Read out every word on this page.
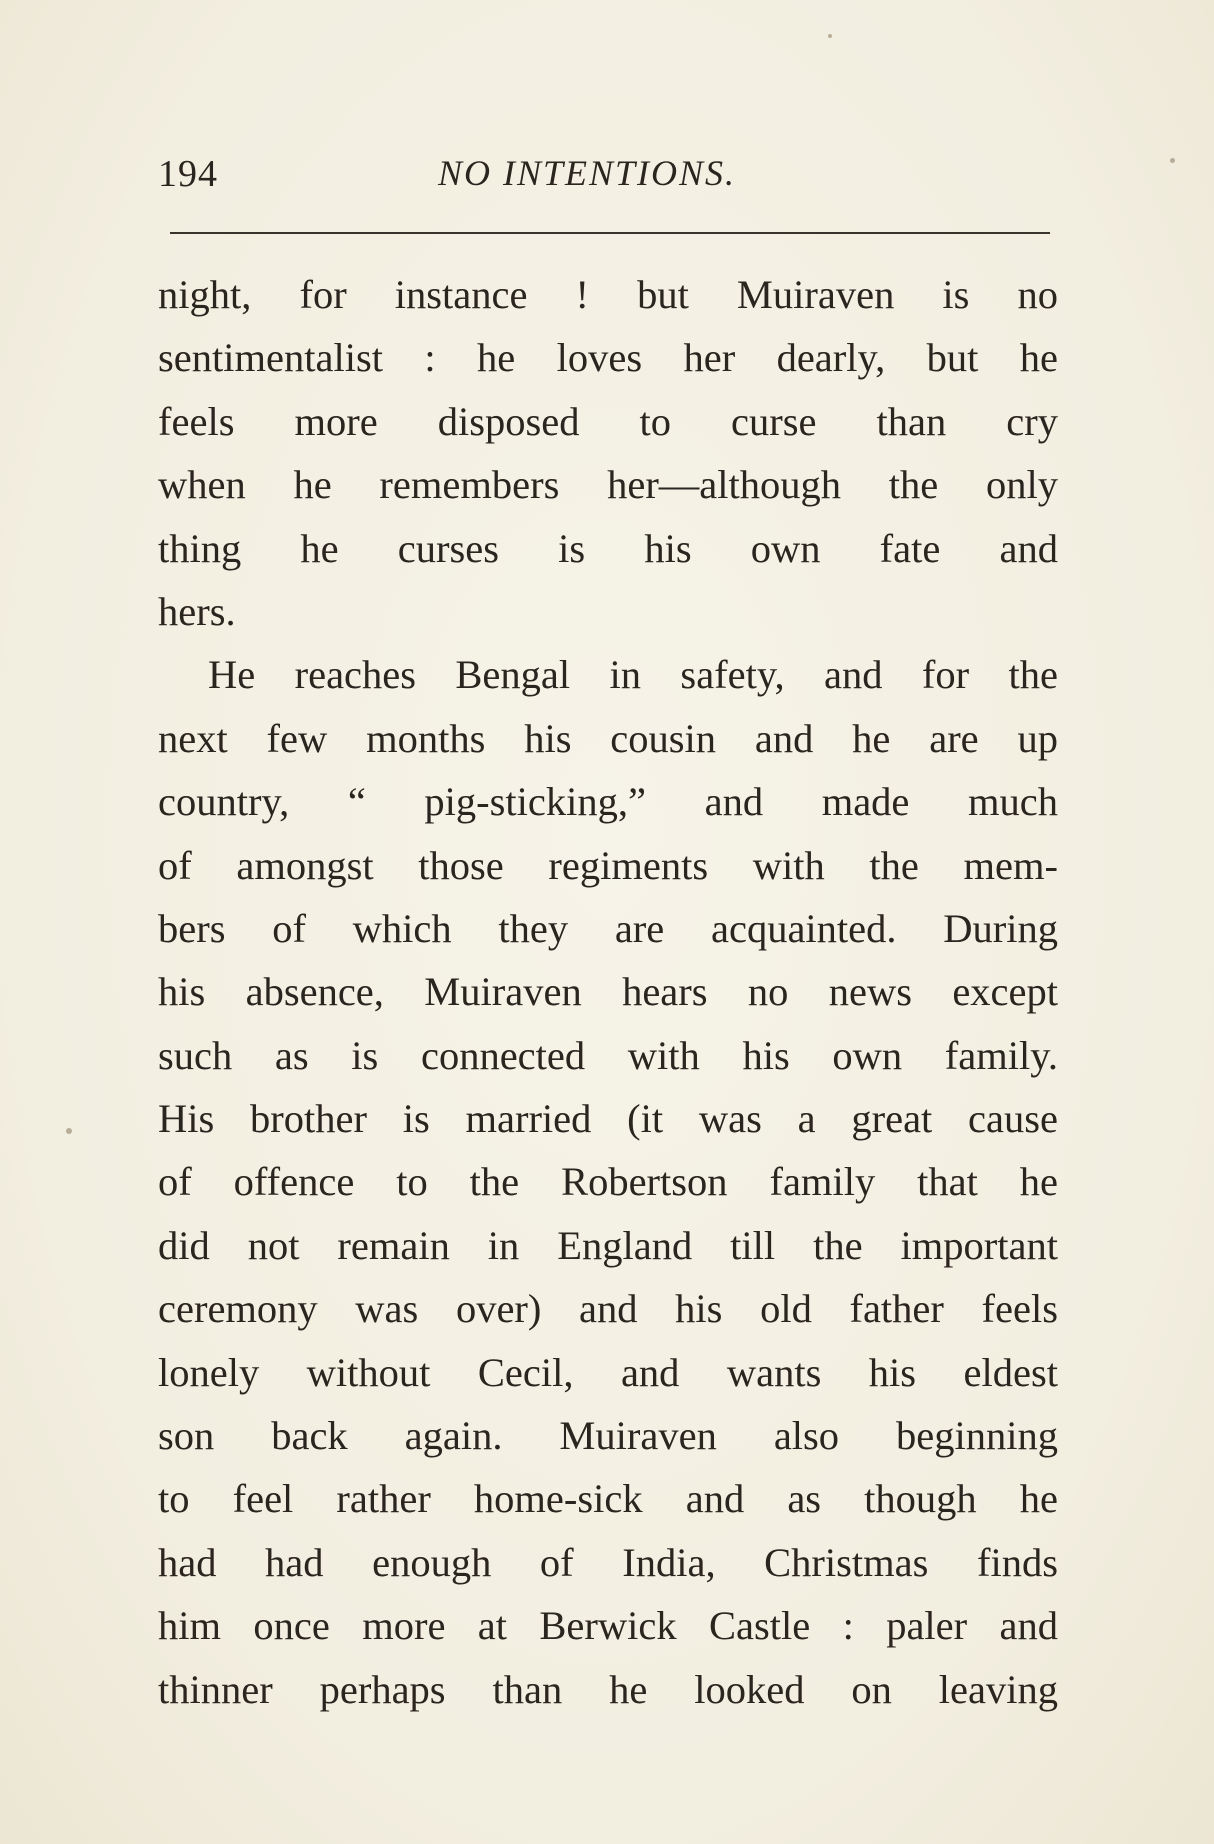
194	NO INTENTIONS.
night, for instance ! but Muiraven is no
sentimentalist : he loves her dearly, but he
feels more disposed to curse than cry
when he remembers her—although the only
thing he curses is his own fate and
hers.
He reaches Bengal in safety, and for the
next few months his cousin and he are up
country, “ pig-sticking,” and made much
of amongst those regiments with the mem-
bers of which they are acquainted. During
his absence, Muiraven hears no news except
such as is connected with his own family.
His brother is married (it was a great cause
of offence to the Robertson family that he
did not remain in England till the important
ceremony was over) and his old father feels
lonely without Cecil, and wants his eldest
son back again. Muiraven also beginning
to feel rather home-sick and as though he
had had enough of India, Christmas finds
him once more at Berwick Castle : paler and
thinner perhaps than he looked on leaving
